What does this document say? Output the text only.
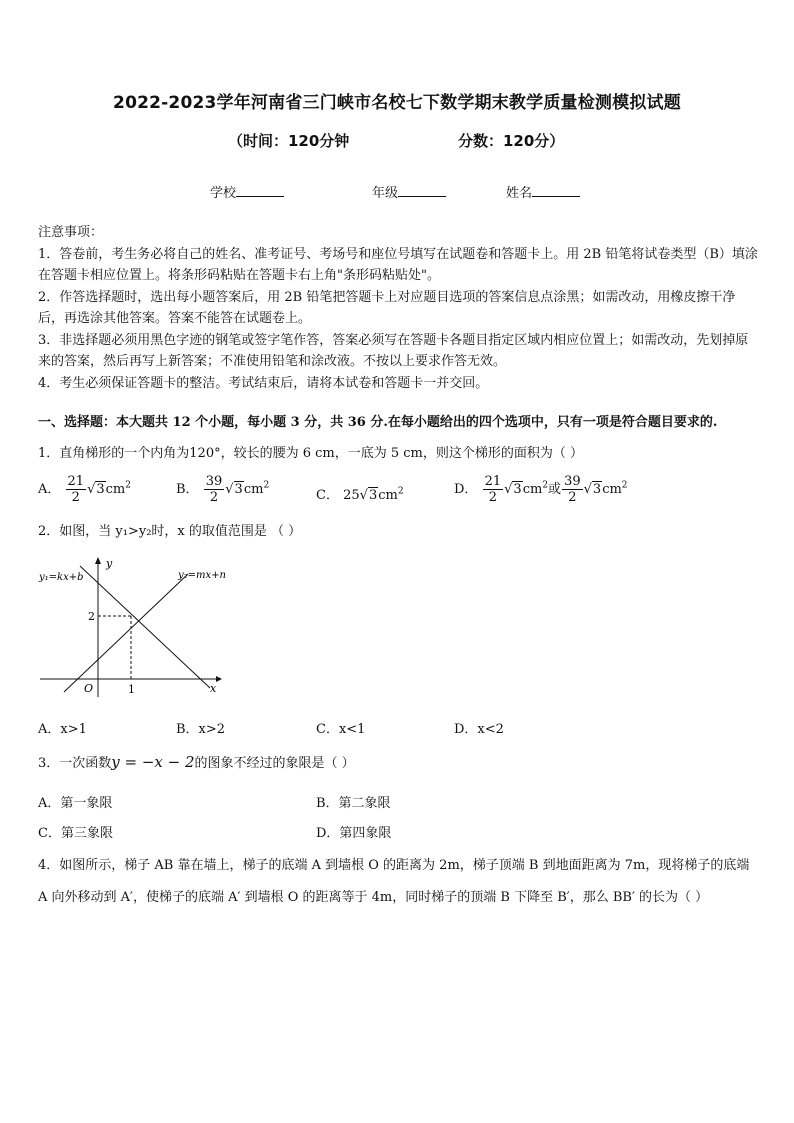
2022-2023学年河南省三门峡市名校七下数学期末教学质量检测模拟试题
（时间：120分钟	分数：120分）
学校	年级	姓名

注意事项：

1．答卷前，考生务必将自己的姓名、准考证号、考场号和座位号填写在试题卷和答题卡上。用 2B 铅笔将试卷类型（B）填涂在答题卡相应位置上。将条形码粘贴在答题卡右上角"条形码粘贴处"。

2．作答选择题时，选出每小题答案后，用 2B 铅笔把答题卡上对应题目选项的答案信息点涂黑；如需改动，用橡皮擦干净后，再选涂其他答案。答案不能答在试题卷上。

3．非选择题必须用黑色字迹的钢笔或签字笔作答，答案必须写在答题卡各题目指定区域内相应位置上；如需改动，先划掉原来的答案，然后再写上新答案；不准使用铅笔和涂改液。不按以上要求作答无效。

4．考生必须保证答题卡的整洁。考试结束后，请将本试卷和答题卡一并交回。

一、选择题：本大题共 12 个小题，每小题 3 分，共 36 分.在每小题给出的四个选项中，只有一项是符合题目要求的.
1．直角梯形的一个内角为120°，较长的腰为 6 cm，一底为 5 cm，则这个梯形的面积为（ ）
A． $\frac{21}{2} √3cm^2$	B． $\frac{39}{2} √3cm^2$
C． $25√3cm^2$	D． $\frac{21}{2} √3cm^2$或 $\frac{39}{2} √3cm^2$
2．如图，当 y₁>y₂时，x 的取值范围是 （ ）
y
x
O
2
1
y₁=kx+b	y₂=mx+n
A．x>1	B．x>2	C．x<1	D．x<2
3．一次函数y = −x − 2的图象不经过的象限是（ ）
A．第一象限	B．第二象限
C．第三象限	D．第四象限
4．如图所示，梯子 AB 靠在墙上，梯子的底端 A 到墙根 O 的距离为 2m，梯子顶端 B 到地面距离为 7m，现将梯子的底端 A 向外移动到 A′，使梯子的底端 A′ 到墙根 O 的距离等于 4m，同时梯子的顶端 B 下降至 B′，那么 BB′ 的长为（ ）
